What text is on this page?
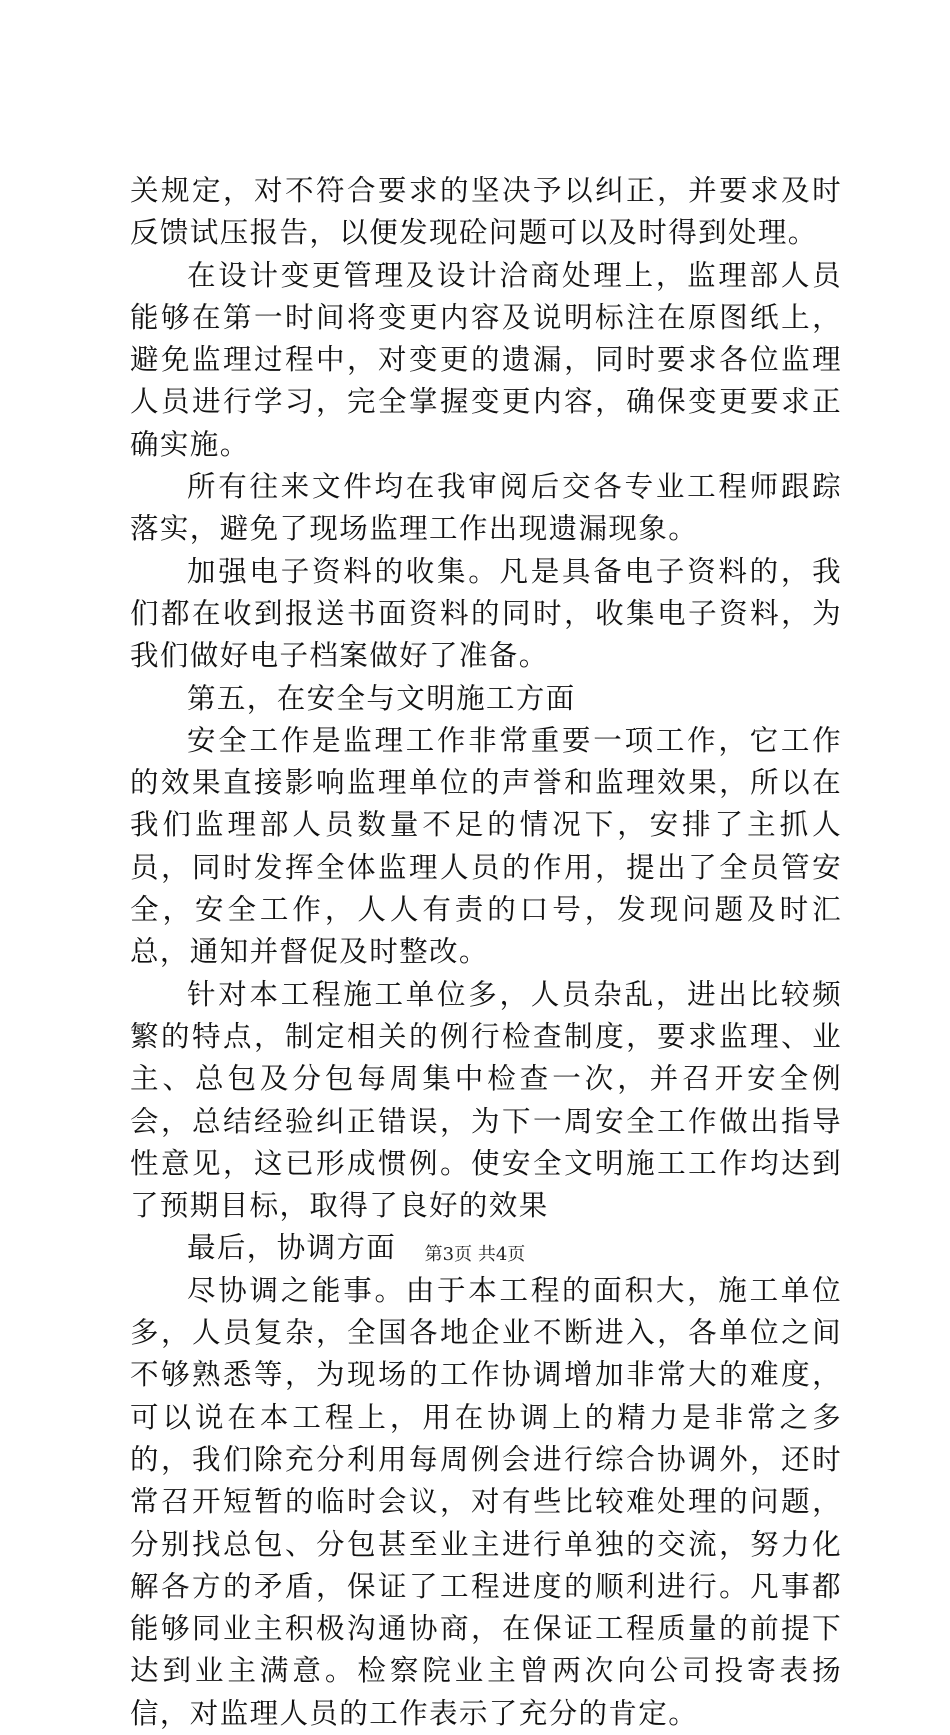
关规定，对不符合要求的坚决予以纠正，并要求及时反馈试压报告，以便发现砼问题可以及时得到处理。

在设计变更管理及设计洽商处理上，监理部人员能够在第一时间将变更内容及说明标注在原图纸上，避免监理过程中，对变更的遗漏，同时要求各位监理人员进行学习，完全掌握变更内容，确保变更要求正确实施。

所有往来文件均在我审阅后交各专业工程师跟踪落实，避免了现场监理工作出现遗漏现象。

加强电子资料的收集。凡是具备电子资料的，我们都在收到报送书面资料的同时，收集电子资料，为我们做好电子档案做好了准备。

第五，在安全与文明施工方面

安全工作是监理工作非常重要一项工作，它工作的效果直接影响监理单位的声誉和监理效果，所以在我们监理部人员数量不足的情况下，安排了主抓人员，同时发挥全体监理人员的作用，提出了全员管安全，安全工作，人人有责的口号，发现问题及时汇总，通知并督促及时整改。

针对本工程施工单位多，人员杂乱，进出比较频繁的特点，制定相关的例行检查制度，要求监理、业主、总包及分包每周集中检查一次，并召开安全例会，总结经验纠正错误，为下一周安全工作做出指导性意见，这已形成惯例。使安全文明施工工作均达到了预期目标，取得了良好的效果

最后，协调方面

尽协调之能事。由于本工程的面积大，施工单位多，人员复杂，全国各地企业不断进入，各单位之间不够熟悉等，为现场的工作协调增加非常大的难度，可以说在本工程上，用在协调上的精力是非常之多的，我们除充分利用每周例会进行综合协调外，还时常召开短暂的临时会议，对有些比较难处理的问题，分别找总包、分包甚至业主进行单独的交流，努力化解各方的矛盾，保证了工程进度的顺利进行。凡事都能够同业主积极沟通协商，在保证工程质量的前提下达到业主满意。检察院业主曾两次向公司投寄表扬信，对监理人员的工作表示了充分的肯定。

第3页 共4页
